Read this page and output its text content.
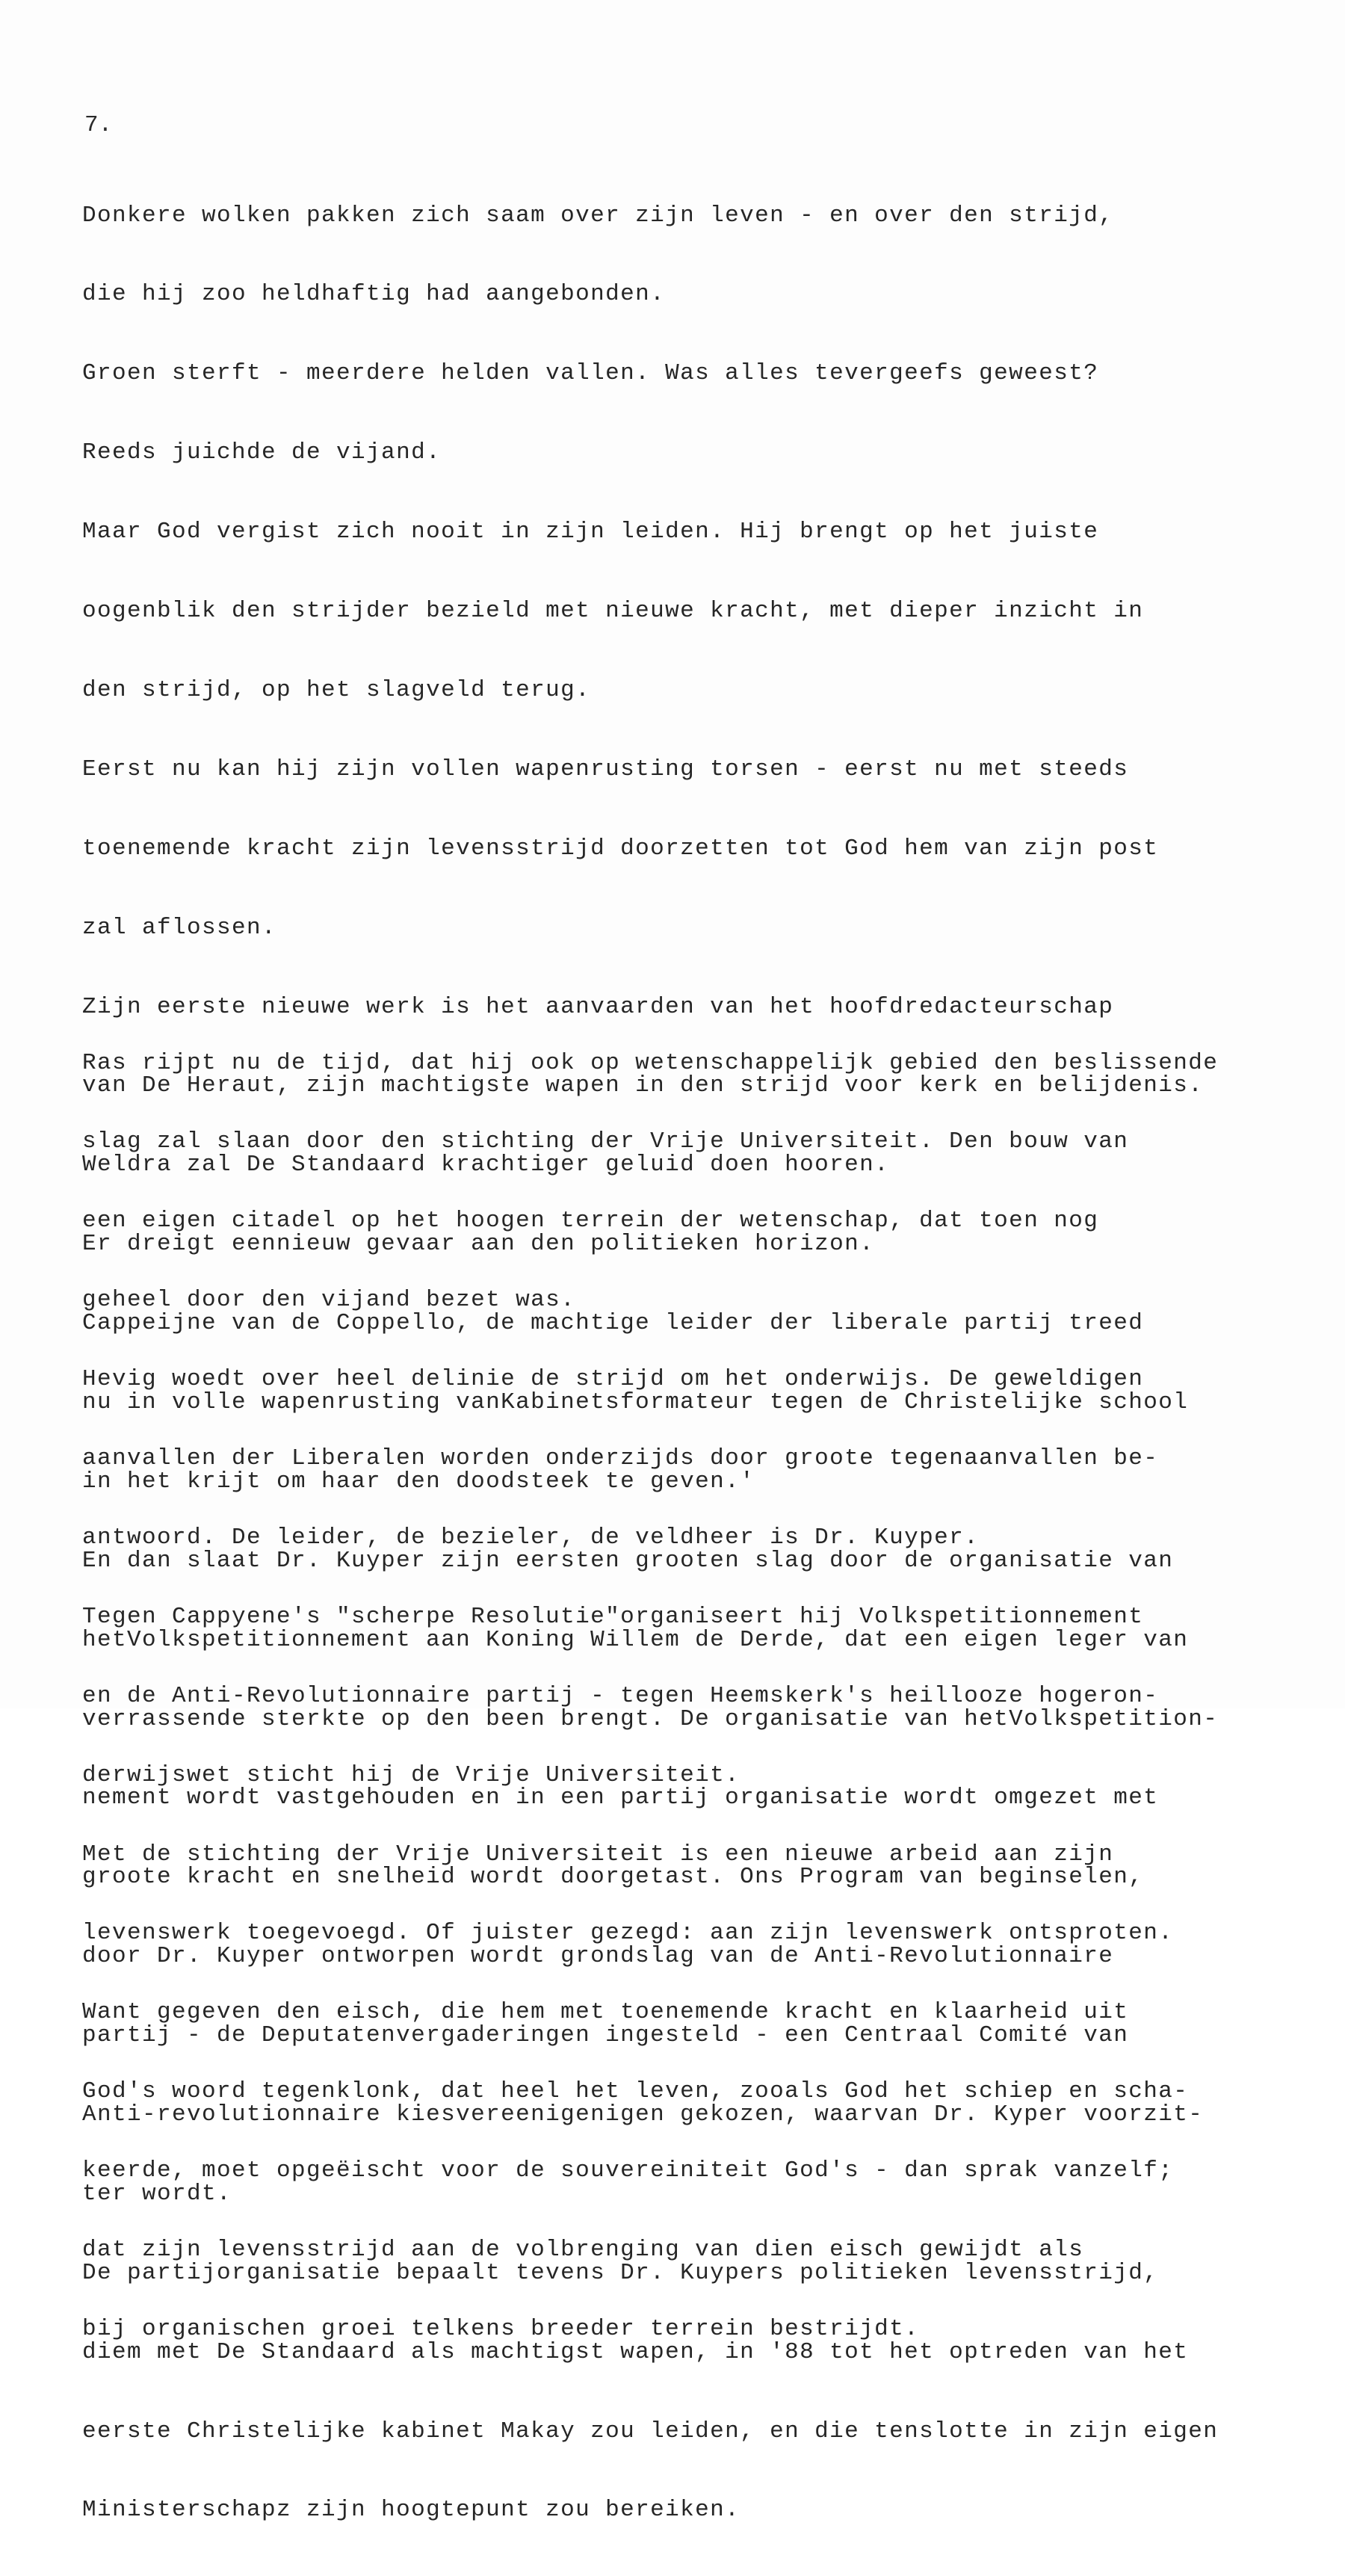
7.

Donkere wolken pakken zich saam over zijn leven - en over den strijd,

die hij zoo heldhaftig had aangebonden.

Groen sterft - meerdere helden vallen. Was alles tevergeefs geweest?

Reeds juichde de vijand.

Maar God vergist zich nooit in zijn leiden. Hij brengt op het juiste

oogenblik den strijder bezield met nieuwe kracht, met dieper inzicht in

den strijd, op het slagveld terug.

Eerst nu kan hij zijn vollen wapenrusting torsen - eerst nu met steeds

toenemende kracht zijn levensstrijd doorzetten tot God hem van zijn post

zal aflossen.

Zijn eerste nieuwe werk is het aanvaarden van het hoofdredacteurschap

van De Heraut, zijn machtigste wapen in den strijd voor kerk en belijdenis.

Weldra zal De Standaard krachtiger geluid doen hooren.

Er dreigt eennieuw gevaar aan den politieken horizon.

Cappeijne van de Coppello, de machtige leider der liberale partij treed

nu in volle wapenrusting vanKabinetsformateur tegen de Christelijke school

in het krijt om haar den doodsteek te geven.'

En dan slaat Dr. Kuyper zijn eersten grooten slag door de organisatie van

hetVolkspetitionnement aan Koning Willem de Derde, dat een eigen leger van

verrassende sterkte op den been brengt. De organisatie van hetVolkspetition-

nement wordt vastgehouden en in een partij organisatie wordt omgezet met

groote kracht en snelheid wordt doorgetast. Ons Program van beginselen,

door Dr. Kuyper ontworpen wordt grondslag van de Anti-Revolutionnaire

partij - de Deputatenvergaderingen ingesteld - een Centraal Comité van

Anti-revolutionnaire kiesvereenigenigen gekozen, waarvan Dr. Kyper voorzit-

ter wordt.

De partijorganisatie bepaalt tevens Dr. Kuypers politieken levensstrijd,

diem met De Standaard als machtigst wapen, in '88 tot het optreden van het

eerste Christelijke kabinet Makay zou leiden, en die tenslotte in zijn eigen

Ministerschapz zijn hoogtepunt zou bereiken.

Ras rijpt nu de tijd, dat hij ook op wetenschappelijk gebied den beslissende

slag zal slaan door den stichting der Vrije Universiteit. Den bouw van

een eigen citadel op het hoogen terrein der wetenschap, dat toen nog

geheel door den vijand bezet was.

Hevig woedt over heel delinie de strijd om het onderwijs. De geweldigen

aanvallen der Liberalen worden onderzijds door groote tegenaanvallen be-

antwoord. De leider, de bezieler, de veldheer is Dr. Kuyper.

Tegen Cappyene's "scherpe Resolutie"organiseert hij Volkspetitionnement

en de Anti-Revolutionnaire partij - tegen Heemskerk's heillooze hogeron-

derwijswet sticht hij de Vrije Universiteit.

Met de stichting der Vrije Universiteit is een nieuwe arbeid aan zijn

levenswerk toegevoegd. Of juister gezegd: aan zijn levenswerk ontsproten.

Want gegeven den eisch, die hem met toenemende kracht en klaarheid uit

God's woord tegenklonk, dat heel het leven, zooals God het schiep en scha-

keerde, moet opgeëischt voor de souvereiniteit God's - dan sprak vanzelf;

dat zijn levensstrijd aan de volbrenging van dien eisch gewijdt als

bij organischen groei telkens breeder terrein bestrijdt.
